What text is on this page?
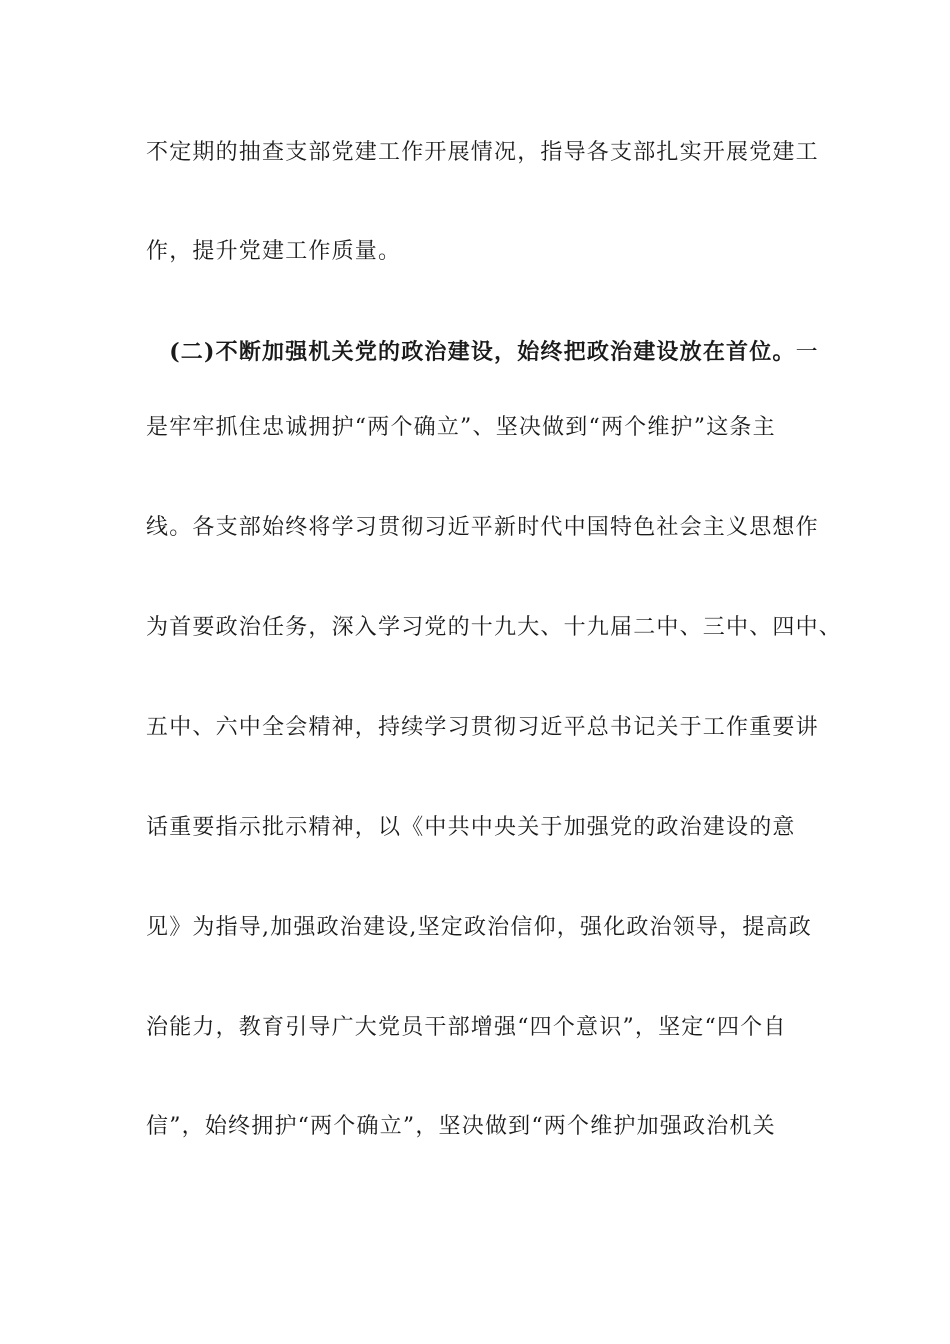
不定期的抽查支部党建工作开展情况，指导各支部扎实开展党建工
作，提升党建工作质量。
　(二)不断加强机关党的政治建设，始终把政治建设放在首位。一
是牢牢抓住忠诚拥护“两个确立”、坚决做到“两个维护”这条主
线。各支部始终将学习贯彻习近平新时代中国特色社会主义思想作
为首要政治任务，深入学习党的十九大、十九届二中、三中、四中、
五中、六中全会精神，持续学习贯彻习近平总书记关于工作重要讲
话重要指示批示精神，以《中共中央关于加强党的政治建设的意
见》为指导,加强政治建设,坚定政治信仰，强化政治领导，提高政
治能力，教育引导广大党员干部增强“四个意识”，坚定“四个自
信”，始终拥护“两个确立”，坚决做到“两个维护加强政治机关
